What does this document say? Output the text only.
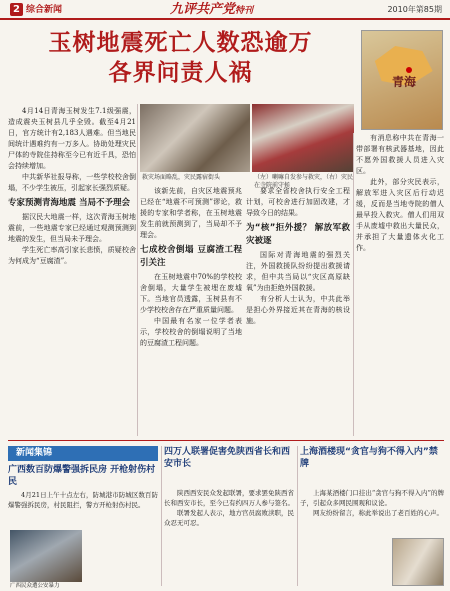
2 综合新闻	九评共产党特刊	2010年第85期
玉树地震死亡人数恐逾万
各界问责人祸	青海

4月14日青海玉树发生7.1级强震，造成震央玉树县几乎全毁。截至4月21日，官方统计有2,183人遇难。但当地民间统计遇难约有一万多人。协助处理灾民尸体的寺院住持称至今已有近千具，恐怕会持续增加。

中共新华社报导称，一些学校校舍倒塌，不少学生被压，引起家长强烈质疑。

专家预测青海地震 当局不予理会

据汉民大地震一样，这次青海玉树地震前，一些地震专家已经通过观测预测到地震的发生，但当局未予理会。

学生死亡率高引家长悲愤，质疑校舍为何成为“豆腐渣”。

救灾场面略乱，灾民露宿街头	（左）喇嘛自发参与救灾，（右）灾民在寺院前守候

该新先前，自灾区地震预兆已经在“地震不可预测”谬论，救援的专家和学者称，在玉树地震发生前就预测到了，当局却不予理会。

七成校舍倒塌 豆腐渣工程引关注

在玉树地震中70%的学校校舍倒塌，大量学生被埋在废墟下。当地官员透露，玉树县有不少学校校舍存在严重质量问题。

中国最有名家一位学者表示，学校校舍的倒塌说明了当地的豆腐渣工程问题。

要求全省校舍执行安全工程计划，可校舍进行加固改建，才导致今日的结果。

为“核”拒外援？ 解放军救灾被逐

国际对青海地震的强烈关注，外国救援队纷纷提出救援请求，但中共当局以“灾区高原缺氧”为由拒绝外国救援。

有分析人士认为，中共此举是担心外界接近其在青海的核设施。

有消息称中共在青海一带部署有核武器基地，因此不愿外国救援人员进入灾区。

此外，部分灾民表示，解放军进入灾区后行动迟缓，反而是当地寺院的僧人最早投入救灾。僧人们用双手从废墟中救出大量民众，并承担了大量遗体火化工作。

新闻集锦
广西数百防爆警强拆民房 开枪射伤村民

4月21日上午十点左右，防城港市防城区数百防爆警强拆民房，村民阻拦，警方开枪射伤村民。

广西民众遭公安暴力
四万人联署促害免陕西省长和西安市长

陕西西安民众发起联署，要求罢免陕西省长和西安市长，至今已有约四万人参与签名。

联署发起人表示，地方官员腐败渎职，民众忍无可忍。

上海酒楼现“贪官与狗不得入内”禁牌

上海某酒楼门口挂出“贪官与狗不得入内”的牌子，引起众多网民围观和议论。

网友纷纷留言，称此举说出了老百姓的心声。
